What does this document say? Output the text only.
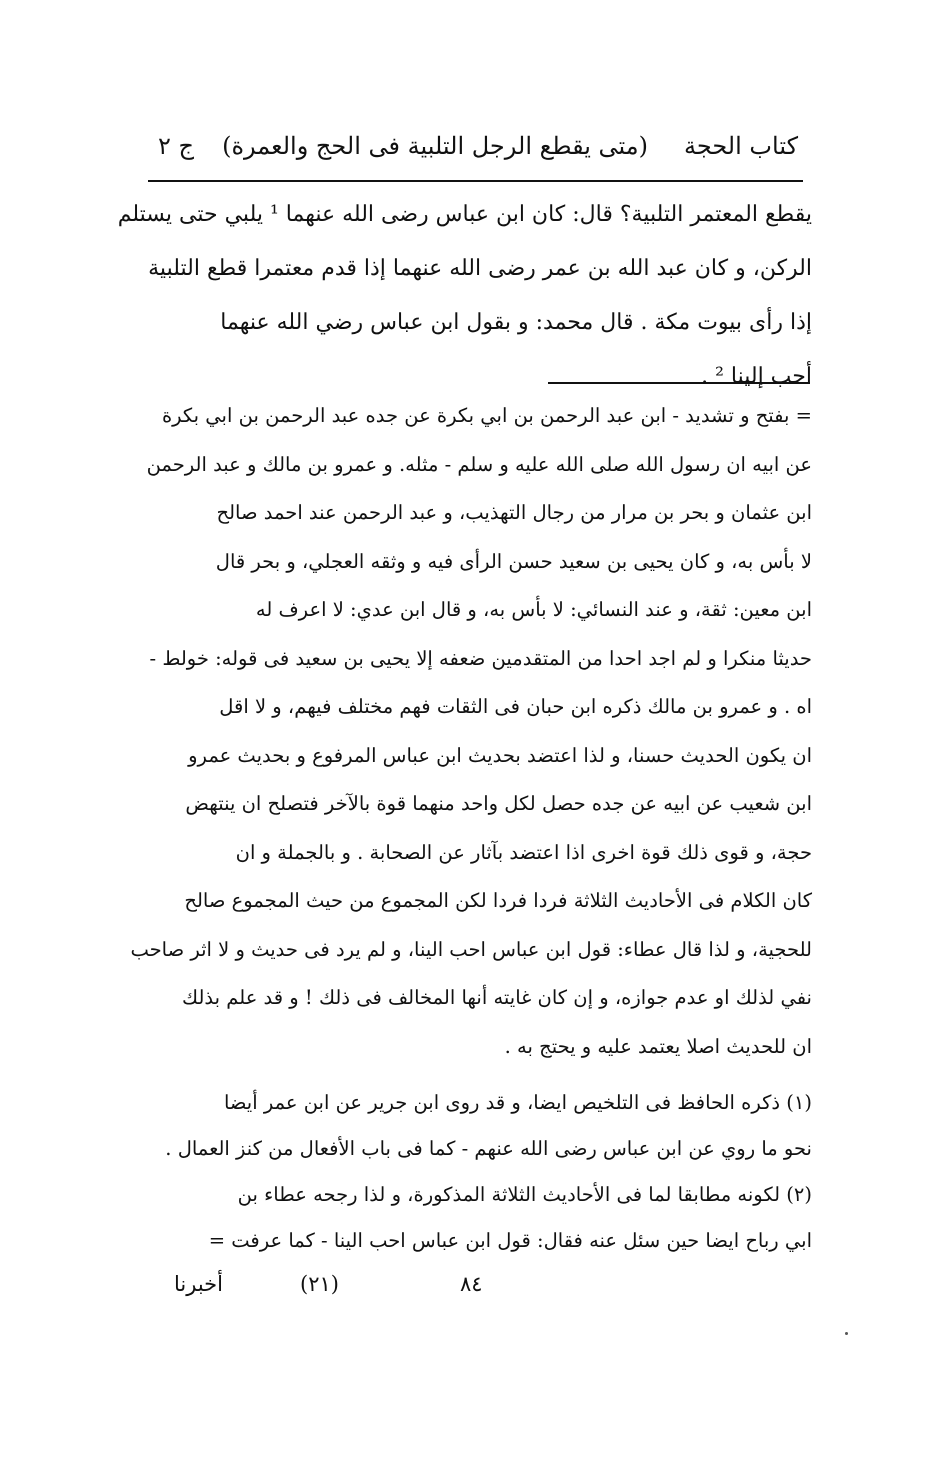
كتاب الحجة
(متى يقطع الرجل التلبية فى الحج والعمرة)
ج ٢
يقطع المعتمر التلبية؟ قال: كان ابن عباس رضى الله عنهما ¹ يلبي حتى يستلم
الركن، و كان عبد الله بن عمر رضى الله عنهما إذا قدم معتمرا قطع التلبية
إذا رأى بيوت مكة . قال محمد: و بقول ابن عباس رضي الله عنهما
أحب إلينا ² .
= بفتح و تشديد - ابن عبد الرحمن بن ابي بكرة عن جده عبد الرحمن بن ابي بكرة
عن ابيه ان رسول الله صلى الله عليه و سلم - مثله. و عمرو بن مالك و عبد الرحمن
ابن عثمان و بحر بن مرار من رجال التهذيب، و عبد الرحمن عند احمد صالح
لا بأس به، و كان يحيى بن سعيد حسن الرأى فيه و وثقه العجلي، و بحر قال
ابن معين: ثقة، و عند النسائي: لا بأس به، و قال ابن عدي: لا اعرف له
حديثا منكرا و لم اجد احدا من المتقدمين ضعفه إلا يحيى بن سعيد فى قوله: خولط -
اه . و عمرو بن مالك ذكره ابن حبان فى الثقات فهم مختلف فيهم، و لا اقل
ان يكون الحديث حسنا، و لذا اعتضد بحديث ابن عباس المرفوع و بحديث عمرو
ابن شعيب عن ابيه عن جده حصل لكل واحد منهما قوة بالآخر فتصلح ان ينتهض
حجة، و قوى ذلك قوة اخرى اذا اعتضد بآثار عن الصحابة . و بالجملة و ان
كان الكلام فى الأحاديث الثلاثة فردا فردا لكن المجموع من حيث المجموع صالح
للحجية، و لذا قال عطاء: قول ابن عباس احب الينا، و لم يرد فى حديث و لا اثر صاحب
نفي لذلك او عدم جوازه، و إن كان غايته أنها المخالف فى ذلك ! و قد علم بذلك
ان للحديث اصلا يعتمد عليه و يحتج به .
(١) ذكره الحافظ فى التلخيص ايضا، و قد روى ابن جرير عن ابن عمر أيضا
نحو ما روي عن ابن عباس رضى الله عنهم - كما فى باب الأفعال من كنز العمال .
(٢) لكونه مطابقا لما فى الأحاديث الثلاثة المذكورة، و لذا رجحه عطاء بن
ابي رباح ايضا حين سئل عنه فقال: قول ابن عباس احب الينا - كما عرفت =
أخبرنا	(٢١)	٨٤
